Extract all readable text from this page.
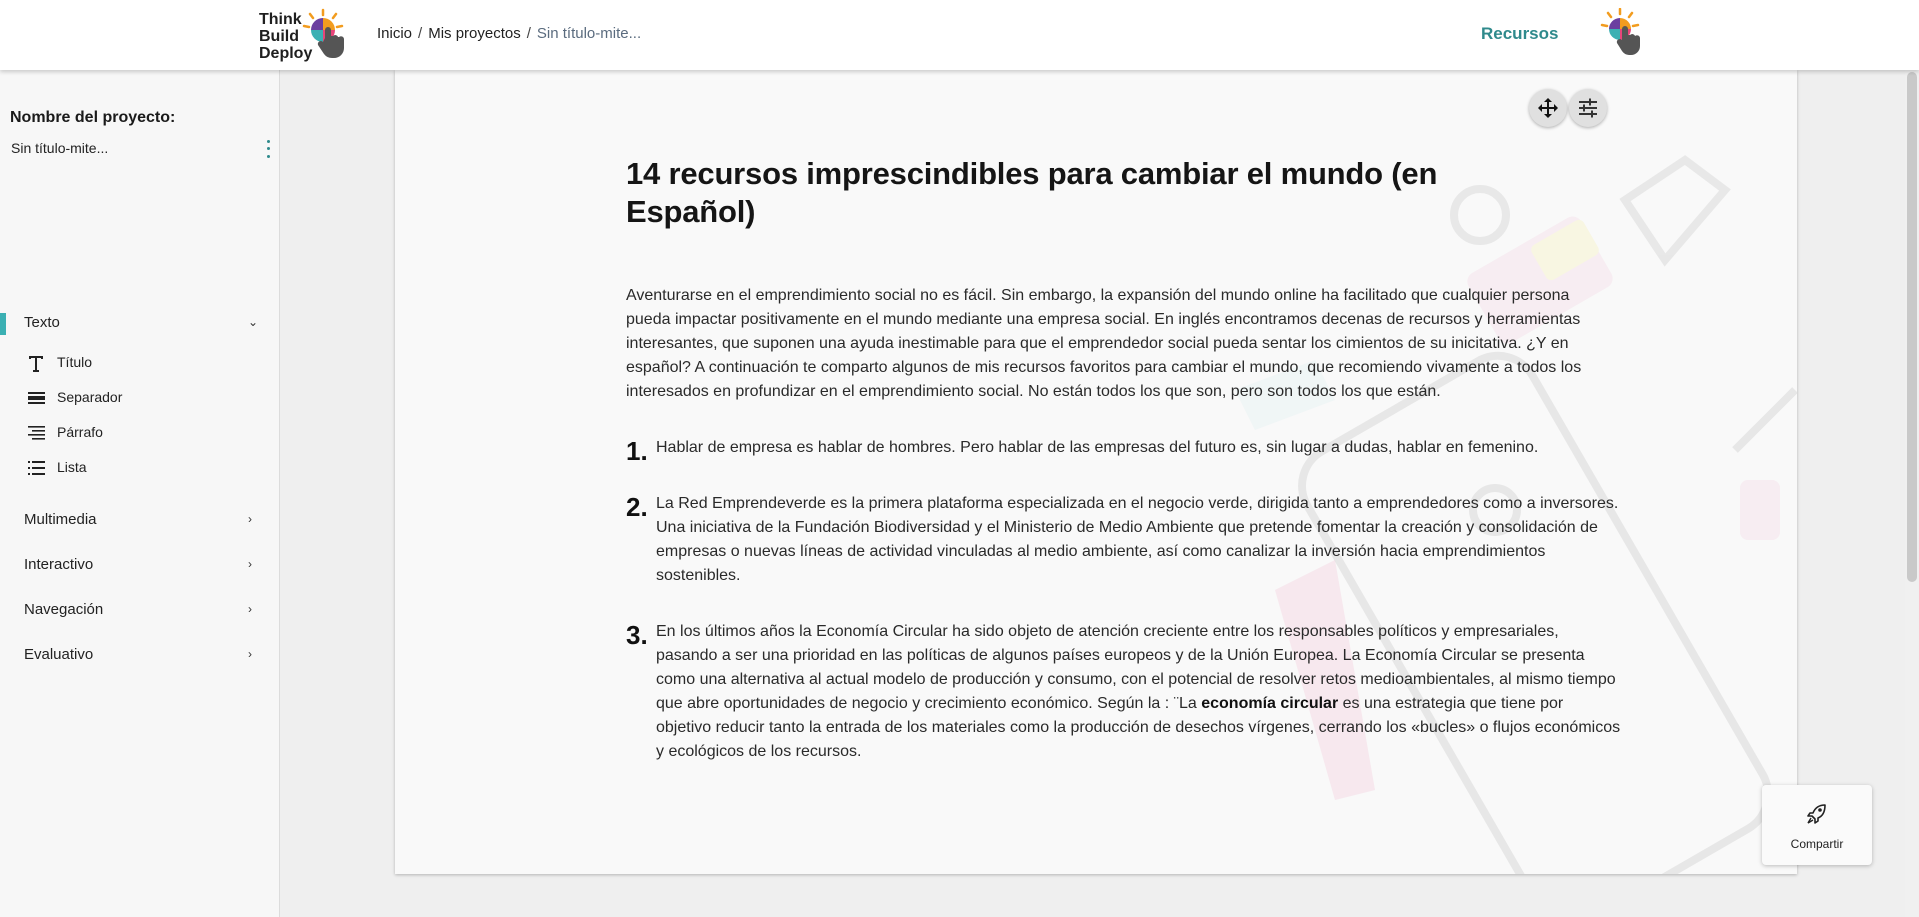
Think
Build
Deploy
Inicio / Mis proyectos / Sin título-mite...	Recursos
Nombre del proyecto:
Sin título-mite...
Texto	⌄
Título
Separador
Párrafo
Lista
Multimedia	›
Interactivo	›
Navegación	›
Evaluativo	›
14 recursos imprescindibles para cambiar el mundo (en Español)

Aventurarse en el emprendimiento social no es fácil. Sin embargo, la expansión del mundo online ha facilitado que cualquier persona pueda impactar positivamente en el mundo mediante una empresa social. En inglés encontramos decenas de recursos y herramientas interesantes, que suponen una ayuda inestimable para que el emprendedor social pueda sentar los cimientos de su inicitativa. ¿Y en español? A continuación te comparto algunos de mis recursos favoritos para cambiar el mundo, que recomiendo vivamente a todos los interesados en profundizar en el emprendimiento social. No están todos los que son, pero son todos los que están.

1. Hablar de empresa es hablar de hombres. Pero hablar de las empresas del futuro es, sin lugar a dudas, hablar en femenino.
2. La Red Emprendeverde es la primera plataforma especializada en el negocio verde, dirigida tanto a emprendedores como a inversores. Una iniciativa de la Fundación Biodiversidad y el Ministerio de Medio Ambiente que pretende fomentar la creación y consolidación de empresas o nuevas líneas de actividad vinculadas al medio ambiente, así como canalizar la inversión hacia emprendimientos sostenibles.
3. En los últimos años la Economía Circular ha sido objeto de atención creciente entre los responsables políticos y empresariales, pasando a ser una prioridad en las políticas de algunos países europeos y de la Unión Europea. La Economía Circular se presenta como una alternativa al actual modelo de producción y consumo, con el potencial de resolver retos medioambientales, al mismo tiempo que abre oportunidades de negocio y crecimiento económico. Según la : ¨La economía circular es una estrategia que tiene por objetivo reducir tanto la entrada de los materiales como la producción de desechos vírgenes, cerrando los «bucles» o flujos económicos y ecológicos de los recursos.
Compartir
